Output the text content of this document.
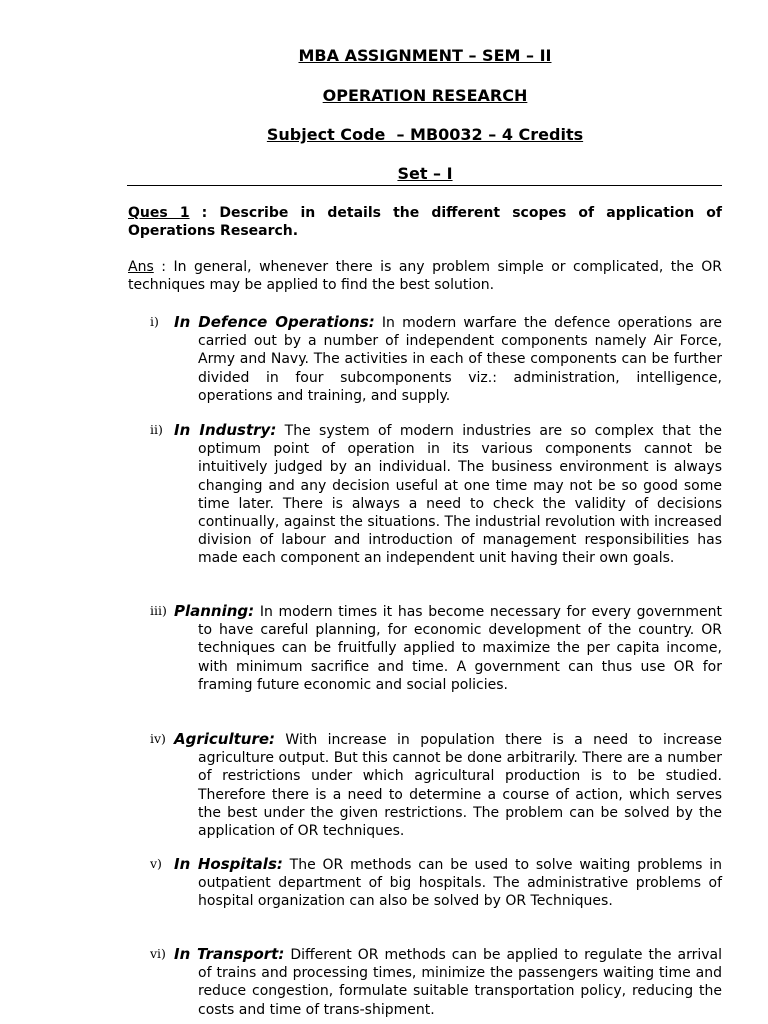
MBA ASSIGNMENT – SEM – II
OPERATION RESEARCH
Subject Code  – MB0032 – 4 Credits
Set – I
Ques 1 : Describe in details the different scopes of application of Operations Research.
Ans : In general, whenever there is any problem simple or complicated, the OR techniques may be applied to find the best solution.
i) In Defence Operations: In modern warfare the defence operations are carried out by a number of independent components namely Air Force, Army and Navy. The activities in each of these components can be further divided in four subcomponents viz.: administration, intelligence, operations and training, and supply.
ii) In Industry: The system of modern industries are so complex that the optimum point of operation in its various components cannot be intuitively judged by an individual. The business environment is always changing and any decision useful at one time may not be so good some time later. There is always a need to check the validity of decisions continually, against the situations. The industrial revolution with increased division of labour and introduction of management responsibilities has made each component an independent unit having their own goals.
iii) Planning: In modern times it has become necessary for every government to have careful planning, for economic development of the country. OR techniques can be fruitfully applied to maximize the per capita income, with minimum sacrifice and time. A government can thus use OR for framing future economic and social policies.
iv) Agriculture: With increase in population there is a need to increase agriculture output. But this cannot be done arbitrarily. There are a number of restrictions under which agricultural production is to be studied. Therefore there is a need to determine a course of action, which serves the best under the given restrictions. The problem can be solved by the application of OR techniques.
v) In Hospitals: The OR methods can be used to solve waiting problems in outpatient department of big hospitals. The administrative problems of hospital organization can also be solved by OR Techniques.
vi) In Transport: Different OR methods can be applied to regulate the arrival of trains and processing times, minimize the passengers waiting time and reduce congestion, formulate suitable transportation policy, reducing the costs and time of trans-shipment.
